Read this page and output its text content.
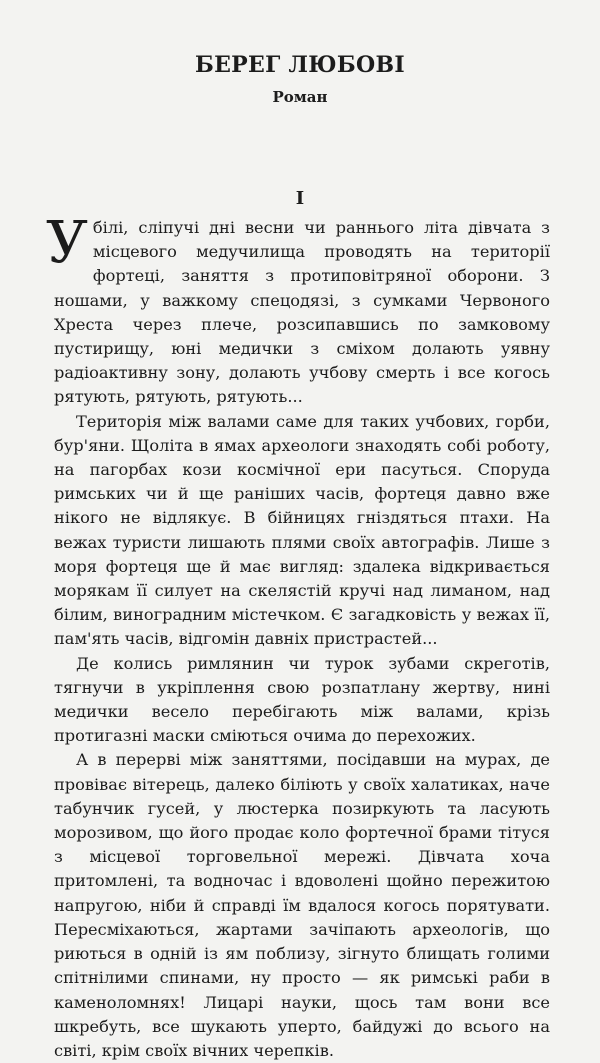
БЕРЕГ ЛЮБОВІ
Роман
I

У білі, сліпучі дні весни чи раннього літа дівчата з місцевого медучилища проводять на території фортеці, заняття з протиповітряної оборони. З ношами, у важкому спецодязі, з сумками Червоного Хреста через плече, розсипавшись по замковому пустирищу, юні медички з сміхом долають уявну радіоактивну зону, долають учбову смерть і все когось рятують, рятують, рятують...

Територія між валами саме для таких учбових, горби, бур'яни. Щоліта в ямах археологи знаходять собі роботу, на пагорбах кози космічної ери пасуться. Споруда римських чи й ще раніших часів, фортеця давно вже нікого не відлякує. В бійницях гніздяться птахи. На вежах туристи лишають плями своїх автографів. Лише з моря фортеця ще й має вигляд: здалека відкривається морякам її силует на скелястій кручі над лиманом, над білим, виноградним містечком. Є загадковість у вежах її, пам'ять часів, відгомін давніх пристрастей...

Де колись римлянин чи турок зубами скреготів, тягнучи в укріплення свою розпатлану жертву, нині медички весело перебігають між валами, крізь протигазні маски сміються очима до перехожих.

А в перерві між заняттями, посідавши на мурах, де провіває вітерець, далеко біліють у своїх халатиках, наче табунчик гусей, у люстерка позиркують та ласують морозивом, що його продає коло фортечної брами тітуся з місцевої торговельної мережі. Дівчата хоча притомлені, та водночас і вдоволені щойно пережитою напругою, ніби й справді їм вдалося когось порятувати. Пересміхаються, жартами зачіпають археологів, що риються в одній із ям поблизу, зігнуто блищать голими спітнілими спинами, ну просто — як римські раби в каменоломнях! Лицарі науки, щось там вони все шкребуть, все шукають уперто, байдужі до всього на світі, крім своїх вічних черепків.
